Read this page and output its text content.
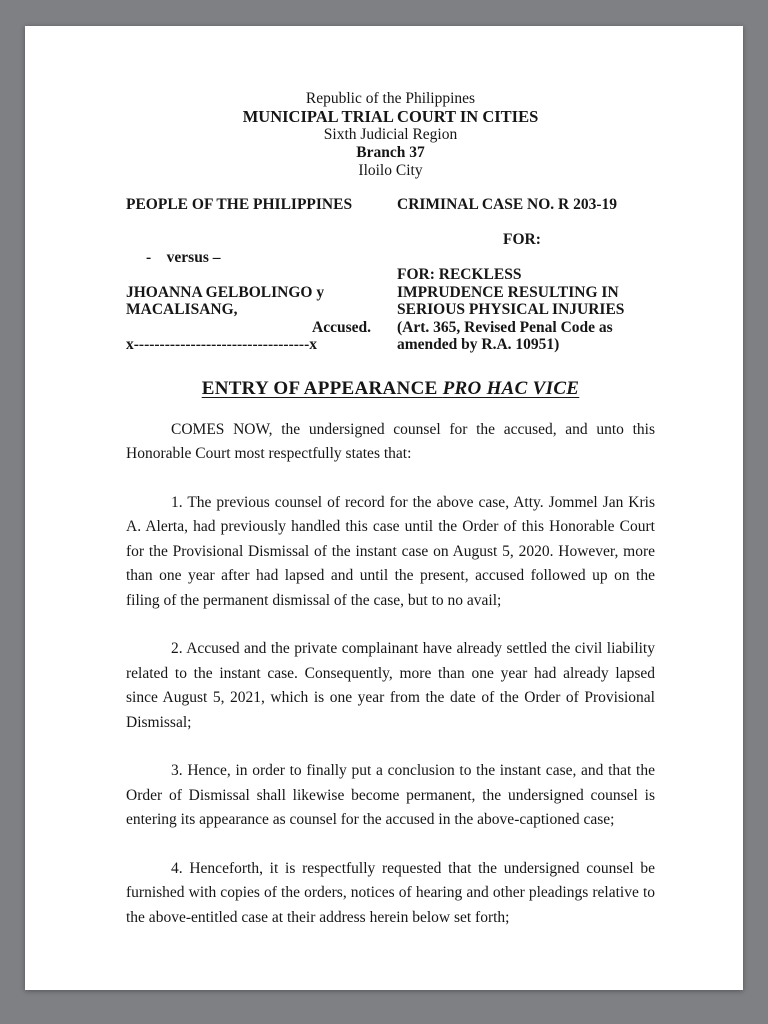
Republic of the Philippines
MUNICIPAL TRIAL COURT IN CITIES
Sixth Judicial Region
Branch 37
Iloilo City
PEOPLE OF THE PHILIPPINES
-    versus –
JHOANNA GELBOLINGO y
MACALISANG,
Accused.
x----------------------------------x
CRIMINAL CASE NO. R 203-19
FOR:
FOR: RECKLESS
IMPRUDENCE RESULTING IN
SERIOUS PHYSICAL INJURIES
(Art. 365, Revised Penal Code as
amended by R.A. 10951)
ENTRY OF APPEARANCE PRO HAC VICE

COMES NOW, the undersigned counsel for the accused, and unto this Honorable Court most respectfully states that:

1. The previous counsel of record for the above case, Atty. Jommel Jan Kris A. Alerta, had previously handled this case until the Order of this Honorable Court for the Provisional Dismissal of the instant case on August 5, 2020. However, more than one year after had lapsed and until the present, accused followed up on the filing of the permanent dismissal of the case, but to no avail;

2. Accused and the private complainant have already settled the civil liability related to the instant case. Consequently, more than one year had already lapsed since August 5, 2021, which is one year from the date of the Order of Provisional Dismissal;

3. Hence, in order to finally put a conclusion to the instant case, and that the Order of Dismissal shall likewise become permanent, the undersigned counsel is entering its appearance as counsel for the accused in the above-captioned case;

4. Henceforth, it is respectfully requested that the undersigned counsel be furnished with copies of the orders, notices of hearing and other pleadings relative to the above-entitled case at their address herein below set forth;
